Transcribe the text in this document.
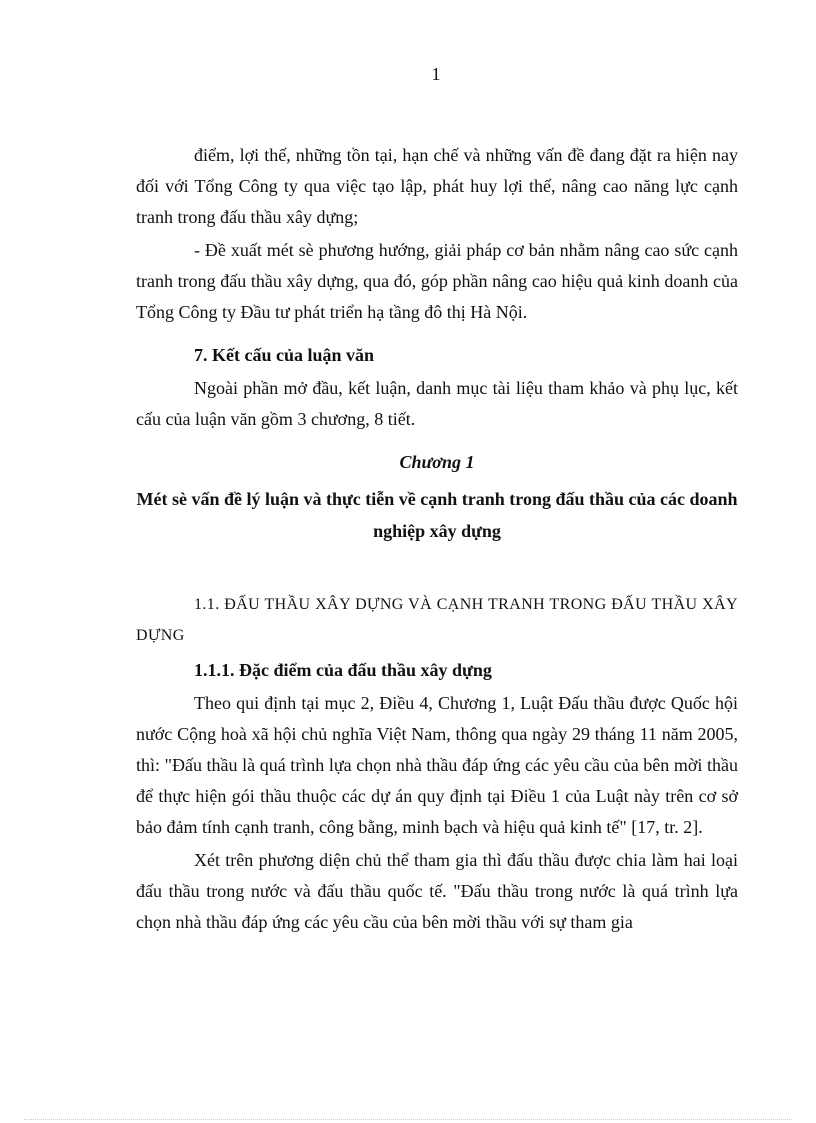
1

điểm, lợi thế, những tồn tại, hạn chế và những vấn đề đang đặt ra hiện nay đối với Tổng Công ty qua việc tạo lập, phát huy lợi thế, nâng cao năng lực cạnh tranh trong đấu thầu xây dựng;

- Đề xuất mét sè phương hướng, giải pháp cơ bản nhằm nâng cao sức cạnh tranh trong đấu thầu xây dựng, qua đó, góp phần nâng cao hiệu quả kinh doanh của Tổng Công ty Đầu tư phát triển hạ tầng đô thị Hà Nội.

7. Kết cấu của luận văn

Ngoài phần mở đầu, kết luận, danh mục tài liệu tham khảo và phụ lục, kết cấu của luận văn gồm 3 chương, 8 tiết.

Chương 1

Mét sè vấn đề lý luận và thực tiễn về cạnh tranh trong đấu thầu của các doanh nghiệp xây dựng

1.1. ĐẤU THẦU XÂY DỰNG VÀ CẠNH TRANH TRONG ĐẤU THẦU XÂY DỰNG

1.1.1. Đặc điểm của đấu thầu xây dựng

Theo qui định tại mục 2, Điều 4, Chương 1, Luật Đấu thầu được Quốc hội nước Cộng hoà xã hội chủ nghĩa Việt Nam, thông qua ngày 29 tháng 11 năm 2005, thì: "Đấu thầu là quá trình lựa chọn nhà thầu đáp ứng các yêu cầu của bên mời thầu để thực hiện gói thầu thuộc các dự án quy định tại Điều 1 của Luật này trên cơ sở bảo đảm tính cạnh tranh, công bằng, minh bạch và hiệu quả kinh tế" [17, tr. 2].

Xét trên phương diện chủ thể tham gia thì đấu thầu được chia làm hai loại đấu thầu trong nước và đấu thầu quốc tế. "Đấu thầu trong nước là quá trình lựa chọn nhà thầu đáp ứng các yêu cầu của bên mời thầu với sự tham gia
